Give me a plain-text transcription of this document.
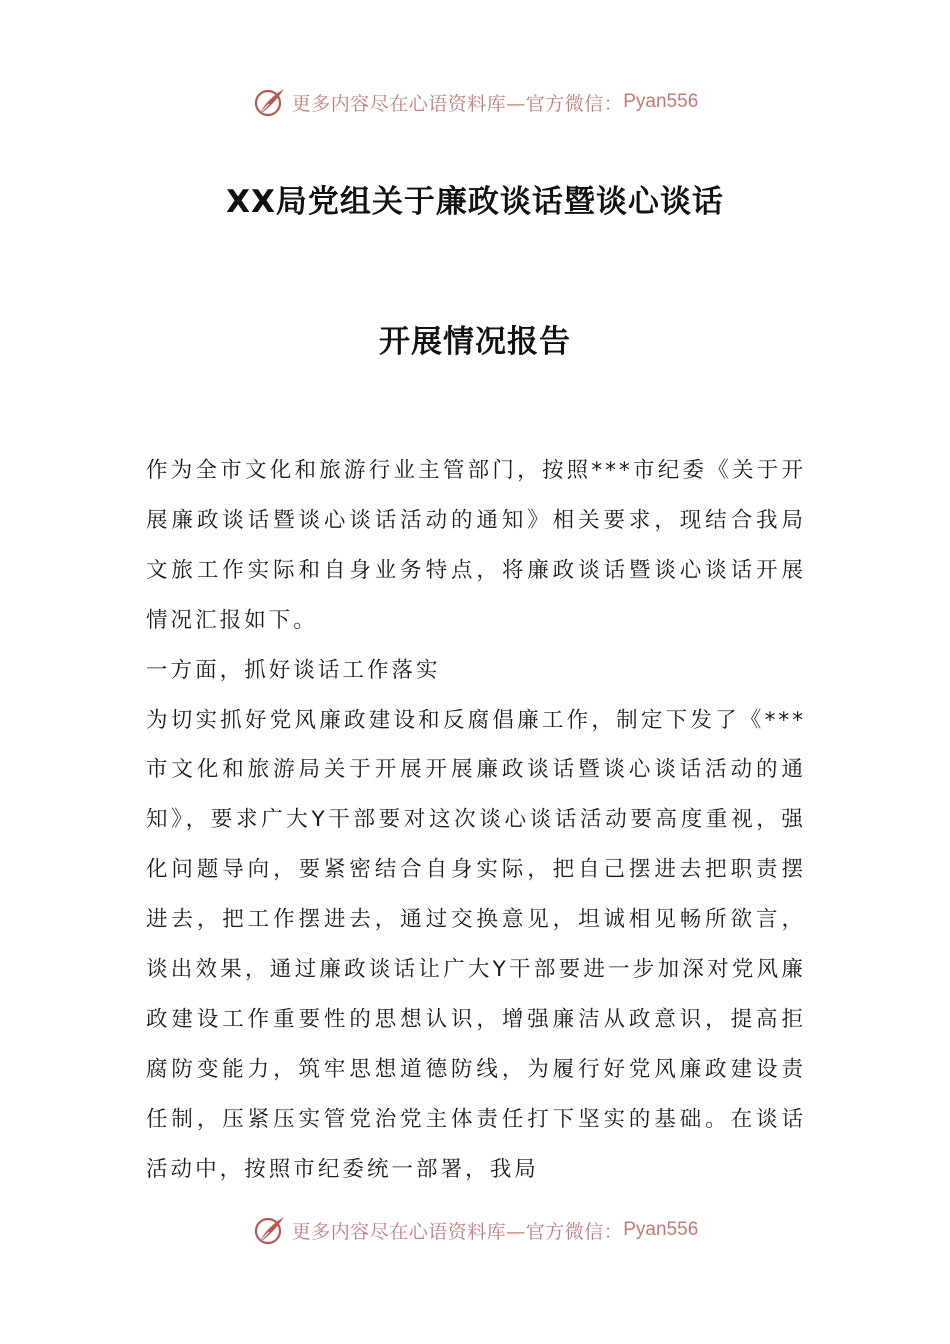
更多内容尽在心语资料库—官方微信： Pyan556
XX局党组关于廉政谈话暨谈心谈话
开展情况报告

作为全市文化和旅游行业主管部门，按照***市纪委《关于开展廉政谈话暨谈心谈话活动的通知》相关要求，现结合我局文旅工作实际和自身业务特点，将廉政谈话暨谈心谈话开展情况汇报如下。

一方面，抓好谈话工作落实

为切实抓好党风廉政建设和反腐倡廉工作，制定下发了《***市文化和旅游局关于开展开展廉政谈话暨谈心谈话活动的通知》，要求广大Y干部要对这次谈心谈话活动要高度重视，强化问题导向，要紧密结合自身实际，把自己摆进去把职责摆进去，把工作摆进去，通过交换意见，坦诚相见畅所欲言，谈出效果，通过廉政谈话让广大Y干部要进一步加深对党风廉政建设工作重要性的思想认识，增强廉洁从政意识，提高拒腐防变能力，筑牢思想道德防线，为履行好党风廉政建设责任制，压紧压实管党治党主体责任打下坚实的基础。在谈话活动中，按照市纪委统一部署，我局

更多内容尽在心语资料库—官方微信： Pyan556
